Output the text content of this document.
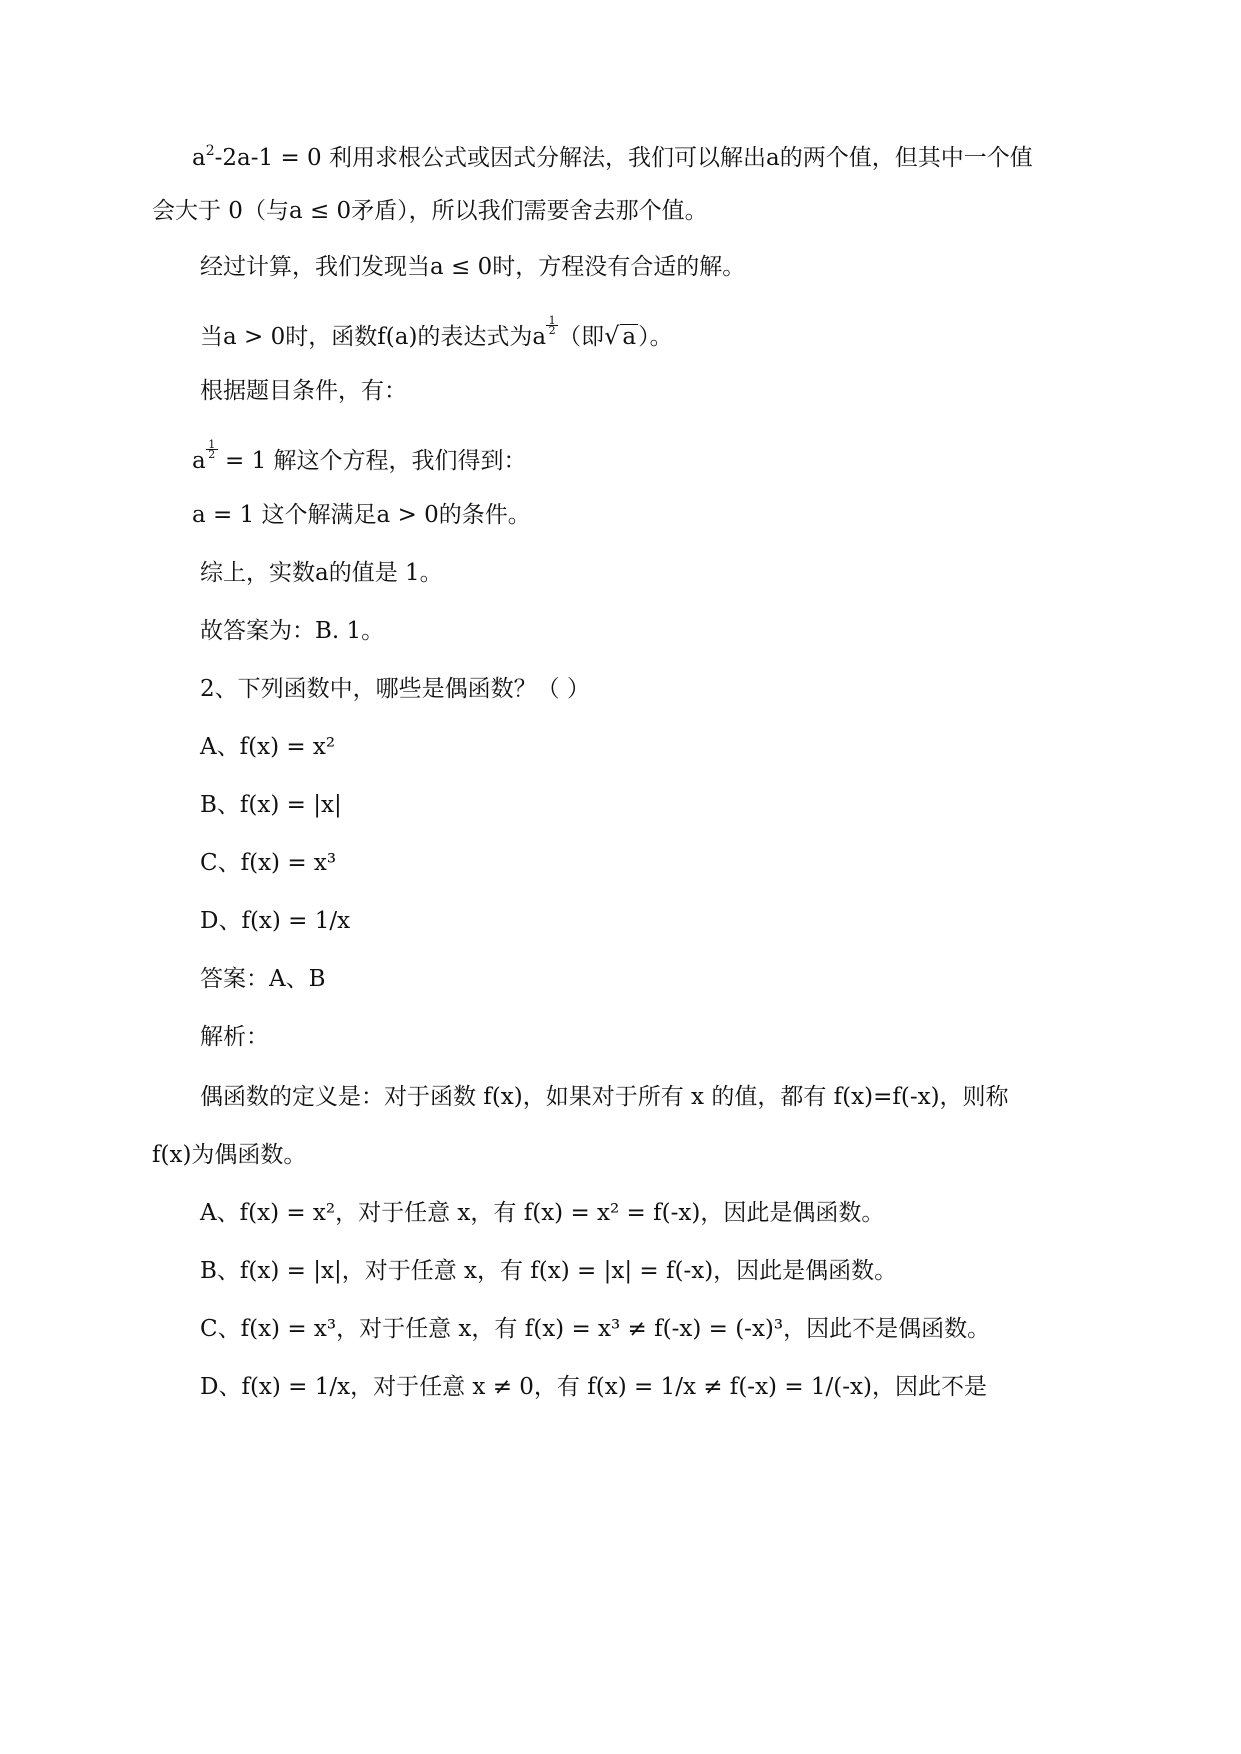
$a^2-2a-1 = 0$ 利用求根公式或因式分解法，我们可以解出a的两个值，但其中一个值
会大于 0（与a ≤ 0矛盾），所以我们需要舍去那个值。
经过计算，我们发现当a ≤ 0时，方程没有合适的解。
当a > 0时，函数f(a)的表达式为a $\frac{1}{2}$ （即√ a）。
根据题目条件，有：
a $\frac{1}{2} = 1$ 解这个方程，我们得到：
a = 1 这个解满足a > 0的条件。
综上，实数a的值是 1。
故答案为：B. 1。
2、下列函数中，哪些是偶函数？（ ）
A、f(x) = x²
B、f(x) = |x|
C、f(x) = x³
D、f(x) = 1/x
答案：A、B
解析：
偶函数的定义是：对于函数 f(x)，如果对于所有 x 的值，都有 f(x)=f(-x)，则称
f(x)为偶函数。
A、f(x) = x²，对于任意 x，有 f(x) = x² = f(-x)，因此是偶函数。
B、f(x) = |x|，对于任意 x，有 f(x) = |x| = f(-x)，因此是偶函数。
C、f(x) = x³，对于任意 x，有 f(x) = x³ ≠ f(-x) = (-x)³，因此不是偶函数。
D、f(x) = 1/x，对于任意 x ≠ 0，有 f(x) = 1/x ≠ f(-x) = 1/(-x)，因此不是
